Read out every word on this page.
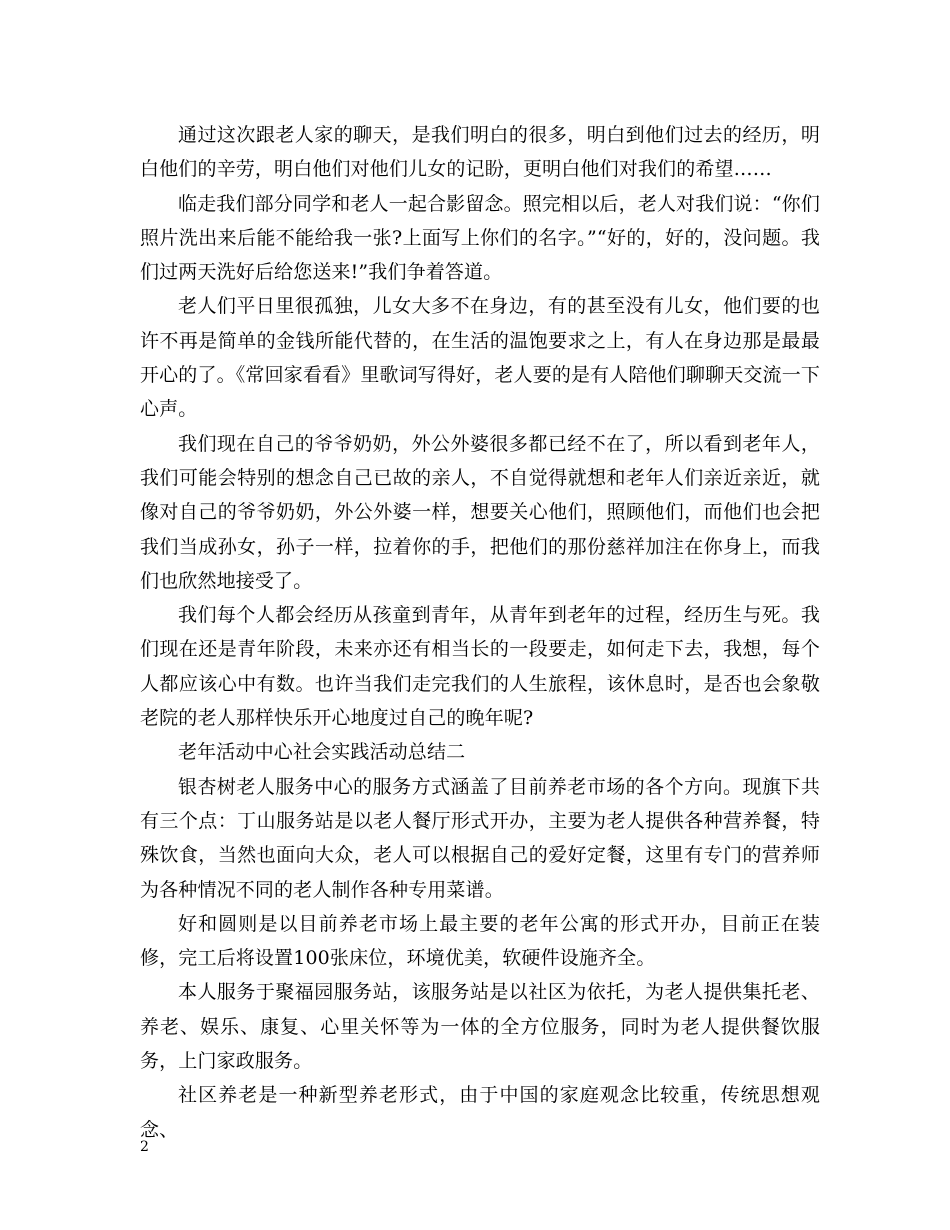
通过这次跟老人家的聊天，是我们明白的很多，明白到他们过去的经历，明白他们的辛劳，明白他们对他们儿女的记盼，更明白他们对我们的希望……

临走我们部分同学和老人一起合影留念。照完相以后，老人对我们说：“你们照片洗出来后能不能给我一张?上面写上你们的名字。”“好的，好的，没问题。我们过两天洗好后给您送来!”我们争着答道。

老人们平日里很孤独，儿女大多不在身边，有的甚至没有儿女，他们要的也许不再是简单的金钱所能代替的，在生活的温饱要求之上，有人在身边那是最最开心的了。《常回家看看》里歌词写得好，老人要的是有人陪他们聊聊天交流一下心声。

我们现在自己的爷爷奶奶，外公外婆很多都已经不在了，所以看到老年人，我们可能会特别的想念自己已故的亲人，不自觉得就想和老年人们亲近亲近，就像对自己的爷爷奶奶，外公外婆一样，想要关心他们，照顾他们，而他们也会把我们当成孙女，孙子一样，拉着你的手，把他们的那份慈祥加注在你身上，而我们也欣然地接受了。

我们每个人都会经历从孩童到青年，从青年到老年的过程，经历生与死。我们现在还是青年阶段，未来亦还有相当长的一段要走，如何走下去，我想，每个人都应该心中有数。也许当我们走完我们的人生旅程，该休息时，是否也会象敬老院的老人那样快乐开心地度过自己的晚年呢?

老年活动中心社会实践活动总结二

银杏树老人服务中心的服务方式涵盖了目前养老市场的各个方向。现旗下共有三个点：丁山服务站是以老人餐厅形式开办，主要为老人提供各种营养餐，特殊饮食，当然也面向大众，老人可以根据自己的爱好定餐，这里有专门的营养师为各种情况不同的老人制作各种专用菜谱。

好和圆则是以目前养老市场上最主要的老年公寓的形式开办，目前正在装修，完工后将设置100张床位，环境优美，软硬件设施齐全。

本人服务于聚福园服务站，该服务站是以社区为依托，为老人提供集托老、养老、娱乐、康复、心里关怀等为一体的全方位服务，同时为老人提供餐饮服务，上门家政服务。

社区养老是一种新型养老形式，由于中国的家庭观念比较重，传统思想观念、

2
